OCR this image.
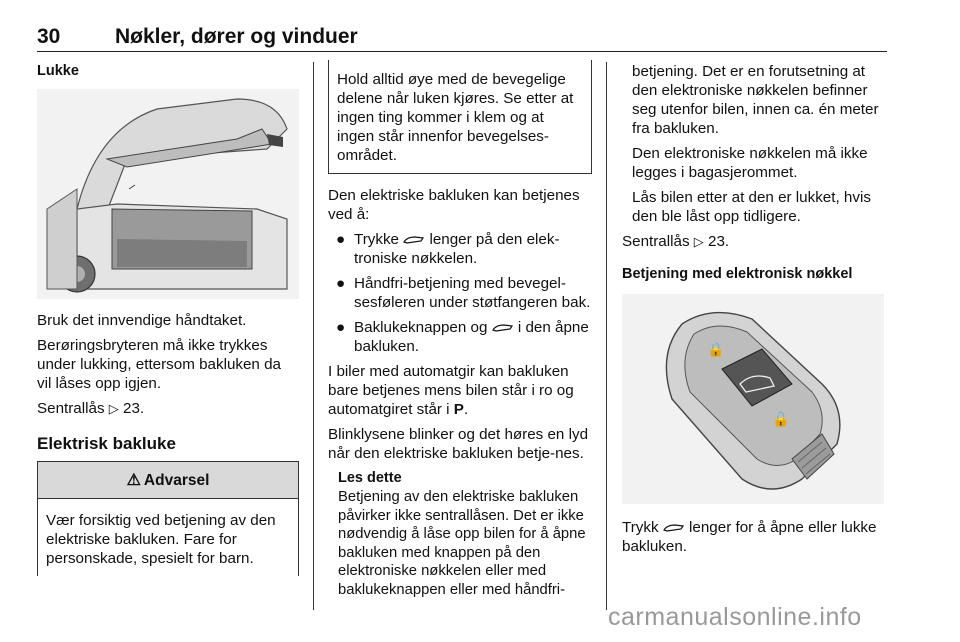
30	Nøkler, dører og vinduer
Lukke

Bruk det innvendige håndtaket.

Berøringsbryteren må ikke trykkes under lukking, ettersom bakluken da vil låses opp igjen.

Sentrallås ▷ 23.

Elektrisk bakluke
⚠ Advarsel
Vær forsiktig ved betjening av den elektriske bakluken. Fare for personskade, spesielt for barn.
Hold alltid øye med de bevegelige delene når luken kjøres. Se etter at ingen ting kommer i klem og at ingen står innenfor bevegelses-området.

Den elektriske bakluken kan betjenes ved å:

● Trykke lenger på den elek-troniske nøkkelen.
● Håndfri-betjening med bevegel-sesføleren under støtfangeren bak.
● Baklukeknappen og i den åpne bakluken.

I biler med automatgir kan bakluken bare betjenes mens bilen står i ro og automatgiret står i P.

Blinklysene blinker og det høres en lyd når den elektriske bakluken betje-nes.

Les dette

Betjening av den elektriske bakluken påvirker ikke sentrallåsen. Det er ikke nødvendig å låse opp bilen for å åpne bakluken med knappen på den elektroniske nøkkelen eller med baklukeknappen eller med håndfri-

betjening. Det er en forutsetning at den elektroniske nøkkelen befinner seg utenfor bilen, innen ca. én meter fra bakluken.

Den elektroniske nøkkelen må ikke legges i bagasjerommet.

Lås bilen etter at den er lukket, hvis den ble låst opp tidligere.

Sentrallås ▷ 23.

Betjening med elektronisk nøkkel
🔒
🔓

Trykk lenger for å åpne eller lukke bakluken.

carmanualsonline.info
